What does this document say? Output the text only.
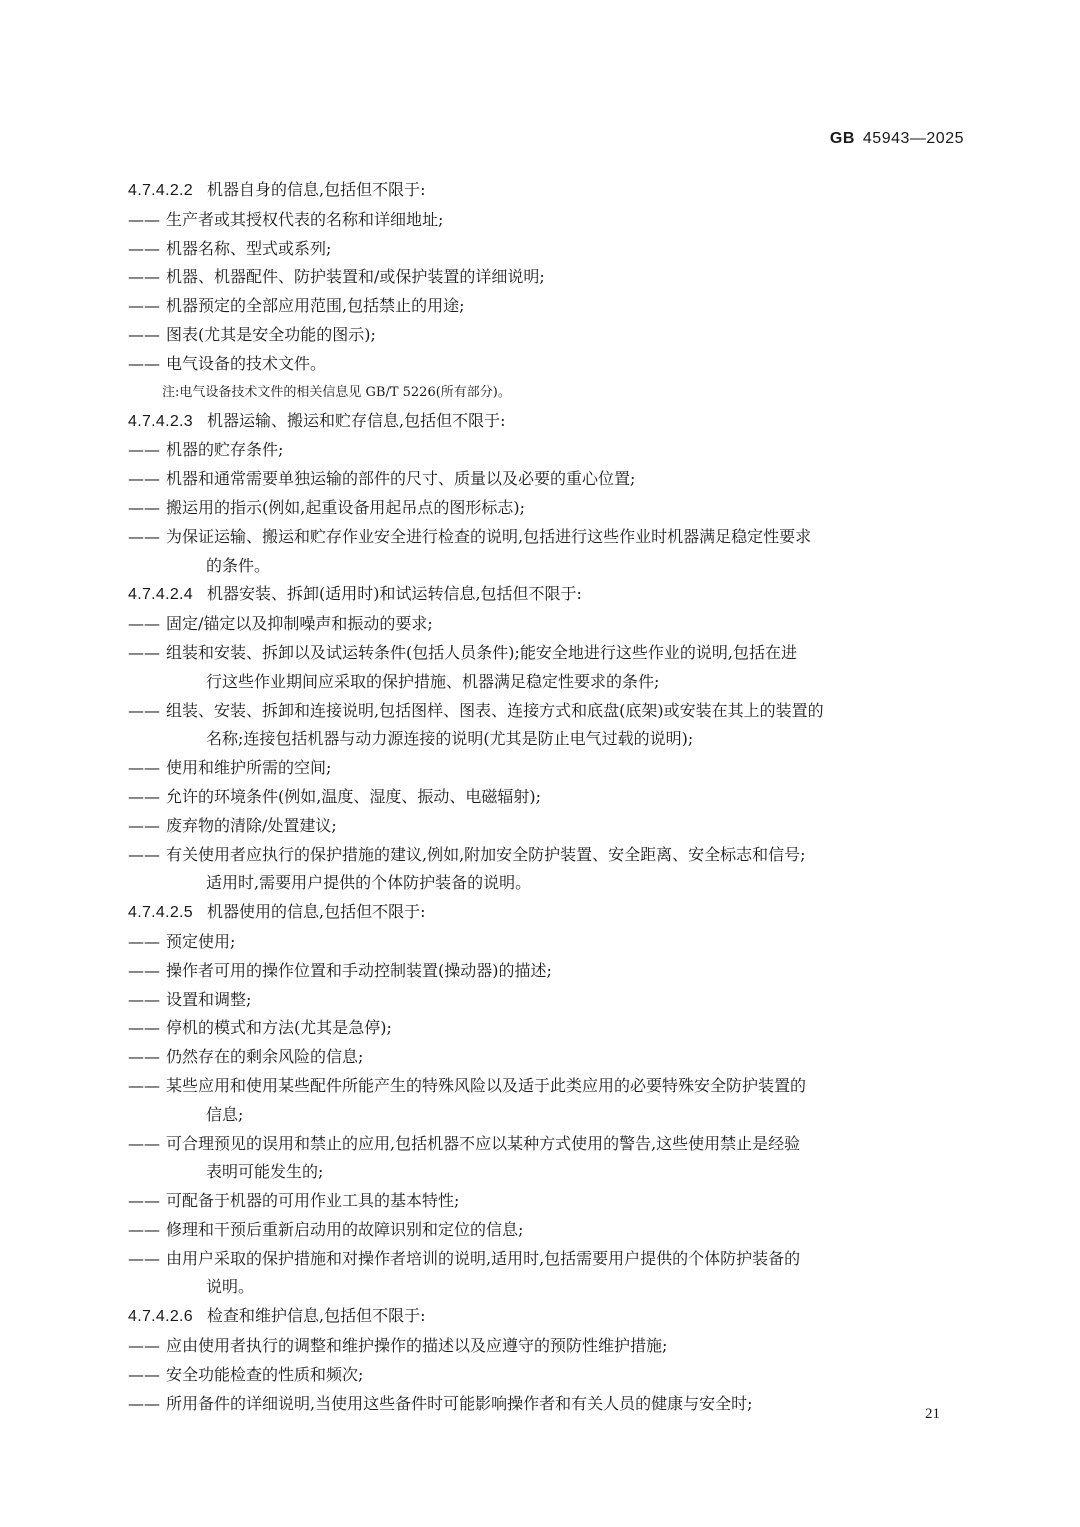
GB 45943—2025
4.7.4.2.2 机器自身的信息,包括但不限于:
—— 生产者或其授权代表的名称和详细地址;
—— 机器名称、型式或系列;
—— 机器、机器配件、防护装置和/或保护装置的详细说明;
—— 机器预定的全部应用范围,包括禁止的用途;
—— 图表(尤其是安全功能的图示);
—— 电气设备的技术文件。
注:电气设备技术文件的相关信息见 GB/T 5226(所有部分)。
4.7.4.2.3 机器运输、搬运和贮存信息,包括但不限于:
—— 机器的贮存条件;
—— 机器和通常需要单独运输的部件的尺寸、质量以及必要的重心位置;
—— 搬运用的指示(例如,起重设备用起吊点的图形标志);
—— 为保证运输、搬运和贮存作业安全进行检查的说明,包括进行这些作业时机器满足稳定性要求
的条件。
4.7.4.2.4 机器安装、拆卸(适用时)和试运转信息,包括但不限于:
—— 固定/锚定以及抑制噪声和振动的要求;
—— 组装和安装、拆卸以及试运转条件(包括人员条件);能安全地进行这些作业的说明,包括在进
行这些作业期间应采取的保护措施、机器满足稳定性要求的条件;
—— 组装、安装、拆卸和连接说明,包括图样、图表、连接方式和底盘(底架)或安装在其上的装置的
名称;连接包括机器与动力源连接的说明(尤其是防止电气过载的说明);
—— 使用和维护所需的空间;
—— 允许的环境条件(例如,温度、湿度、振动、电磁辐射);
—— 废弃物的清除/处置建议;
—— 有关使用者应执行的保护措施的建议,例如,附加安全防护装置、安全距离、安全标志和信号;
适用时,需要用户提供的个体防护装备的说明。
4.7.4.2.5 机器使用的信息,包括但不限于:
—— 预定使用;
—— 操作者可用的操作位置和手动控制装置(操动器)的描述;
—— 设置和调整;
—— 停机的模式和方法(尤其是急停);
—— 仍然存在的剩余风险的信息;
—— 某些应用和使用某些配件所能产生的特殊风险以及适于此类应用的必要特殊安全防护装置的
信息;
—— 可合理预见的误用和禁止的应用,包括机器不应以某种方式使用的警告,这些使用禁止是经验
表明可能发生的;
—— 可配备于机器的可用作业工具的基本特性;
—— 修理和干预后重新启动用的故障识别和定位的信息;
—— 由用户采取的保护措施和对操作者培训的说明,适用时,包括需要用户提供的个体防护装备的
说明。
4.7.4.2.6 检查和维护信息,包括但不限于:
—— 应由使用者执行的调整和维护操作的描述以及应遵守的预防性维护措施;
—— 安全功能检查的性质和频次;
—— 所用备件的详细说明,当使用这些备件时可能影响操作者和有关人员的健康与安全时;
21
